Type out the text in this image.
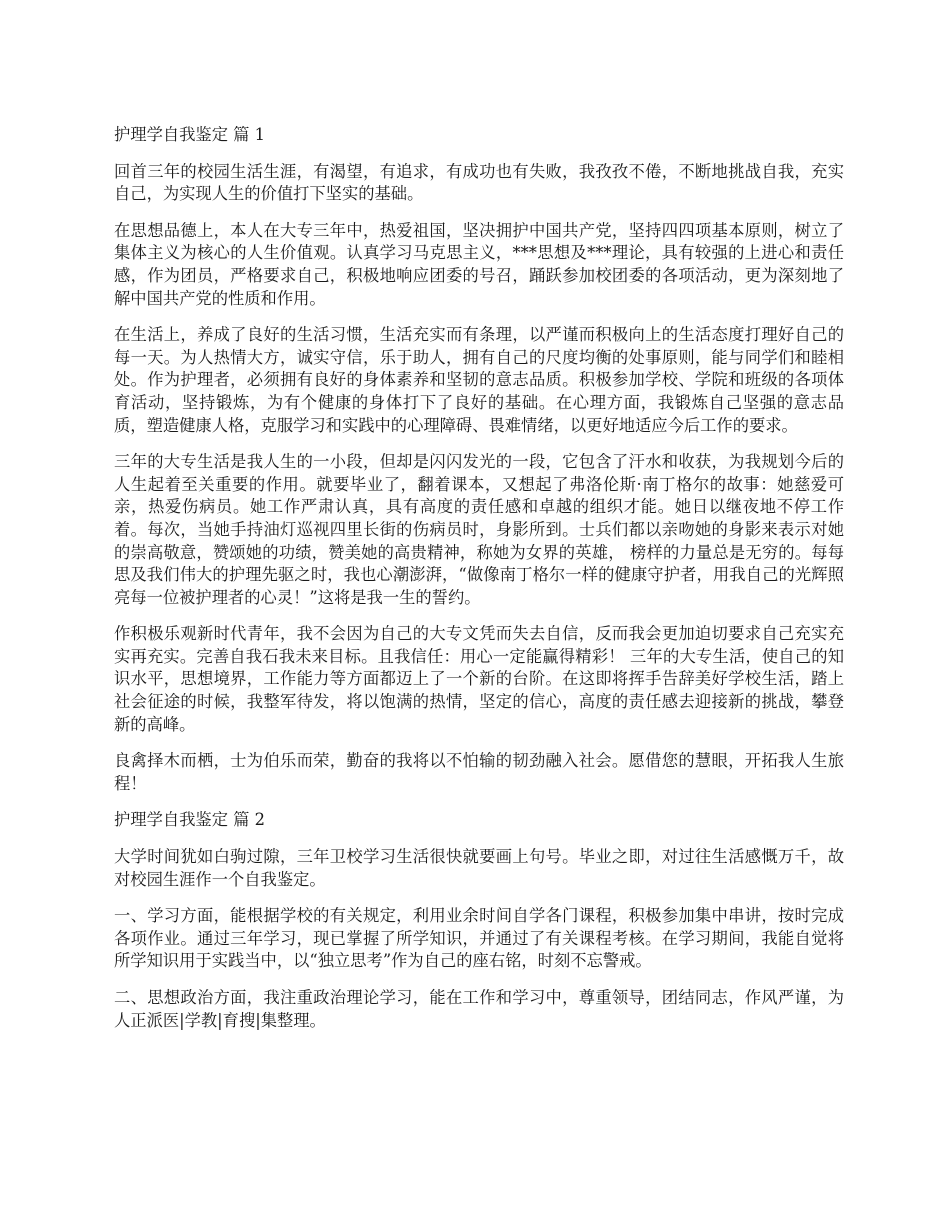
护理学自我鉴定 篇 1

回首三年的校园生活生涯，有渴望，有追求，有成功也有失败，我孜孜不倦，不断地挑战自我，充实自己，为实现人生的价值打下坚实的基础。

在思想品德上，本人在大专三年中，热爱祖国，坚决拥护中国共产党，坚持四四项基本原则，树立了集体主义为核心的人生价值观。认真学习马克思主义，***思想及***理论，具有较强的上进心和责任感，作为团员，严格要求自己，积极地响应团委的号召，踊跃参加校团委的各项活动，更为深刻地了解中国共产党的性质和作用。

在生活上，养成了良好的生活习惯，生活充实而有条理，以严谨而积极向上的生活态度打理好自己的每一天。为人热情大方，诚实守信，乐于助人，拥有自己的尺度均衡的处事原则，能与同学们和睦相处。作为护理者，必须拥有良好的身体素养和坚韧的意志品质。积极参加学校、学院和班级的各项体育活动，坚持锻炼，为有个健康的身体打下了良好的基础。在心理方面，我锻炼自己坚强的意志品质，塑造健康人格，克服学习和实践中的心理障碍、畏难情绪，以更好地适应今后工作的要求。

三年的大专生活是我人生的一小段，但却是闪闪发光的一段，它包含了汗水和收获，为我规划今后的人生起着至关重要的作用。就要毕业了，翻着课本，又想起了弗洛伦斯·南丁格尔的故事：她慈爱可亲，热爱伤病员。她工作严肃认真，具有高度的责任感和卓越的组织才能。她日以继夜地不停工作着。每次，当她手持油灯巡视四里长街的伤病员时，身影所到。士兵们都以亲吻她的身影来表示对她的崇高敬意，赞颂她的功绩，赞美她的高贵精神，称她为女界的英雄， 榜样的力量总是无穷的。每每思及我们伟大的护理先驱之时，我也心潮澎湃，“做像南丁格尔一样的健康守护者，用我自己的光辉照亮每一位被护理者的心灵！”这将是我一生的誓约。

作积极乐观新时代青年，我不会因为自己的大专文凭而失去自信，反而我会更加迫切要求自己充实充实再充实。完善自我石我未来目标。且我信任：用心一定能赢得精彩！ 三年的大专生活，使自己的知识水平，思想境界，工作能力等方面都迈上了一个新的台阶。在这即将挥手告辞美好学校生活，踏上社会征途的时候，我整军待发，将以饱满的热情，坚定的信心，高度的责任感去迎接新的挑战，攀登新的高峰。

良禽择木而栖，士为伯乐而荣，勤奋的我将以不怕输的韧劲融入社会。愿借您的慧眼，开拓我人生旅程！

护理学自我鉴定 篇 2

大学时间犹如白驹过隙，三年卫校学习生活很快就要画上句号。毕业之即，对过往生活感慨万千，故对校园生涯作一个自我鉴定。

一、学习方面，能根据学校的有关规定，利用业余时间自学各门课程，积极参加集中串讲，按时完成各项作业。通过三年学习，现已掌握了所学知识，并通过了有关课程考核。在学习期间，我能自觉将所学知识用于实践当中，以“独立思考”作为自己的座右铭，时刻不忘警戒。

二、思想政治方面，我注重政治理论学习，能在工作和学习中，尊重领导，团结同志，作风严谨，为人正派医|学教|育搜|集整理。
